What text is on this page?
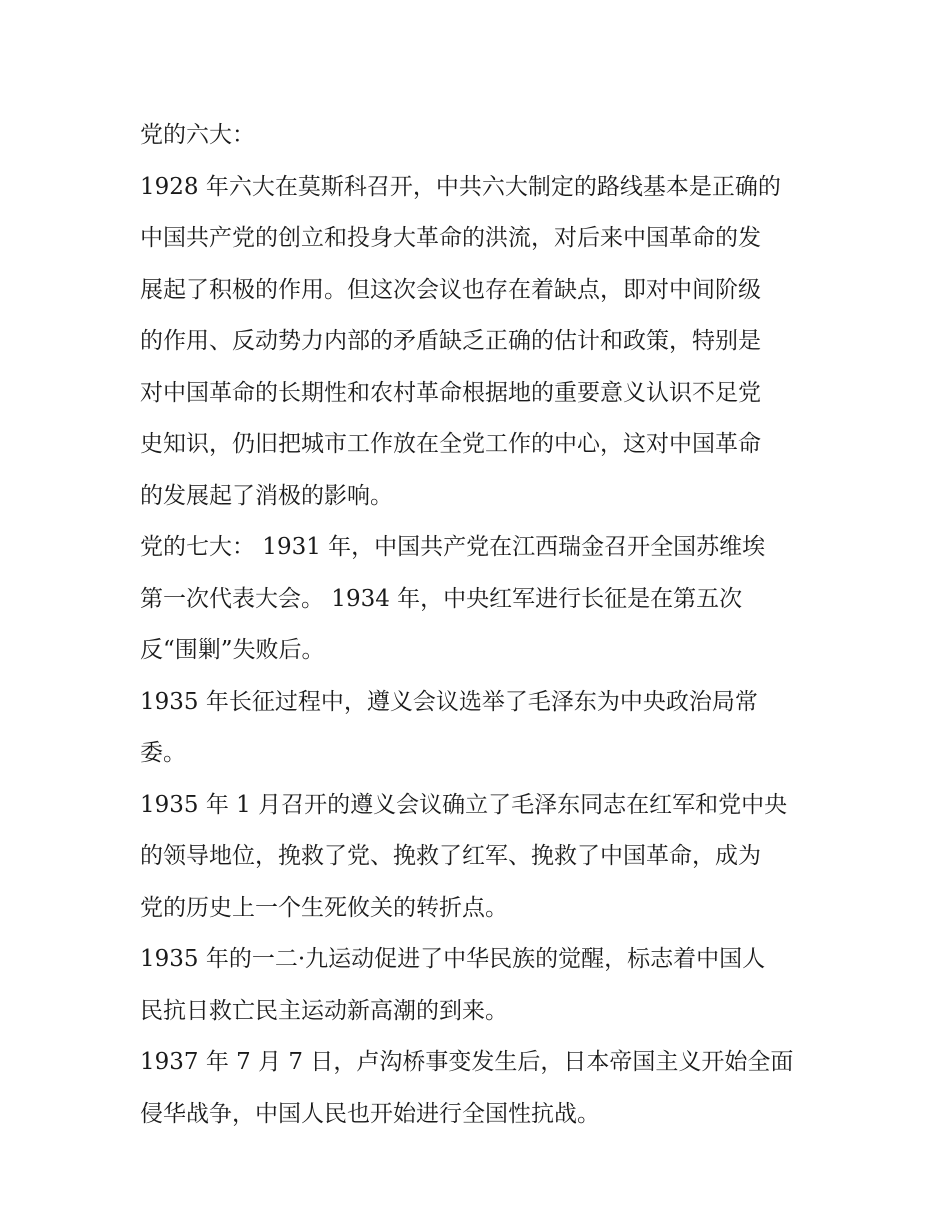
党的六大：

1928 年六大在莫斯科召开，中共六大制定的路线基本是正确的
中国共产党的创立和投身大革命的洪流，对后来中国革命的发
展起了积极的作用。但这次会议也存在着缺点，即对中间阶级
的作用、反动势力内部的矛盾缺乏正确的估计和政策，特别是
对中国革命的长期性和农村革命根据地的重要意义认识不足党
史知识，仍旧把城市工作放在全党工作的中心，这对中国革命
的发展起了消极的影响。

党的七大： 1931 年，中国共产党在江西瑞金召开全国苏维埃
第一次代表大会。 1934 年，中央红军进行长征是在第五次
反“围剿”失败后。

1935 年长征过程中，遵义会议选举了毛泽东为中央政治局常
委。

1935 年 1 月召开的遵义会议确立了毛泽东同志在红军和党中央
的领导地位，挽救了党、挽救了红军、挽救了中国革命，成为
党的历史上一个生死攸关的转折点。

1935 年的一二·九运动促进了中华民族的觉醒，标志着中国人
民抗日救亡民主运动新高潮的到来。

1937 年 7 月 7 日，卢沟桥事变发生后，日本帝国主义开始全面
侵华战争，中国人民也开始进行全国性抗战。
